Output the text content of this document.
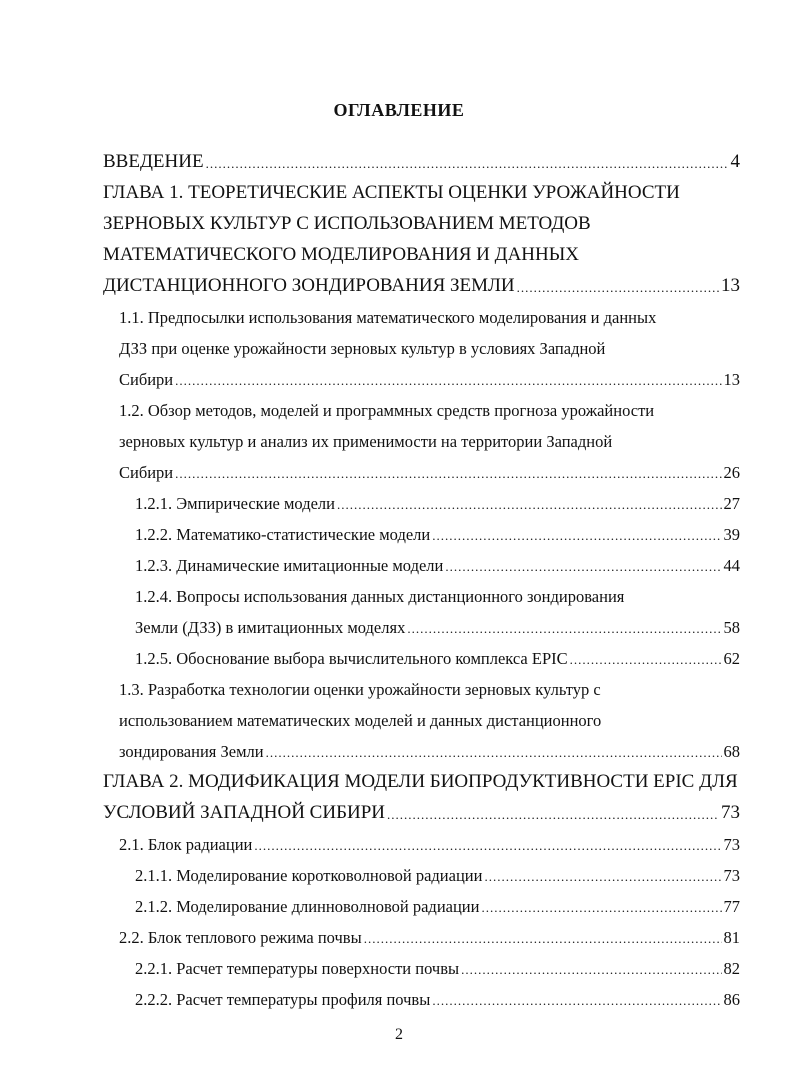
ОГЛАВЛЕНИЕ
ВВЕДЕНИЕ .....	4
ГЛАВА 1. ТЕОРЕТИЧЕСКИЕ АСПЕКТЫ ОЦЕНКИ УРОЖАЙНОСТИ
ЗЕРНОВЫХ КУЛЬТУР С ИСПОЛЬЗОВАНИЕМ МЕТОДОВ
МАТЕМАТИЧЕСКОГО МОДЕЛИРОВАНИЯ И ДАННЫХ
ДИСТАНЦИОННОГО ЗОНДИРОВАНИЯ ЗЕМЛИ .....	13
1.1. Предпосылки использования математического моделирования и данных
ДЗЗ при оценке урожайности зерновых культур в условиях Западной
Сибири .....	13
1.2. Обзор методов, моделей и программных средств прогноза урожайности
зерновых культур и анализ их применимости на территории Западной
Сибири .....	26
1.2.1. Эмпирические модели .....	27
1.2.2. Математико-статистические модели .....	39
1.2.3. Динамические имитационные модели .....	44
1.2.4. Вопросы использования данных дистанционного зондирования
Земли (ДЗЗ) в имитационных моделях .....	58
1.2.5. Обоснование выбора вычислительного комплекса EPIC .....	62
1.3. Разработка технологии оценки урожайности зерновых культур с
использованием математических моделей и данных дистанционного
зондирования Земли .....	68
ГЛАВА 2. МОДИФИКАЦИЯ МОДЕЛИ БИОПРОДУКТИВНОСТИ EPIC ДЛЯ
УСЛОВИЙ ЗАПАДНОЙ СИБИРИ .....	73
2.1. Блок радиации .....	73
2.1.1. Моделирование коротковолновой радиации .....	73
2.1.2. Моделирование длинноволновой радиации .....	77
2.2. Блок теплового режима почвы .....	81
2.2.1. Расчет температуры поверхности почвы .....	82
2.2.2. Расчет температуры профиля почвы .....	86
2
